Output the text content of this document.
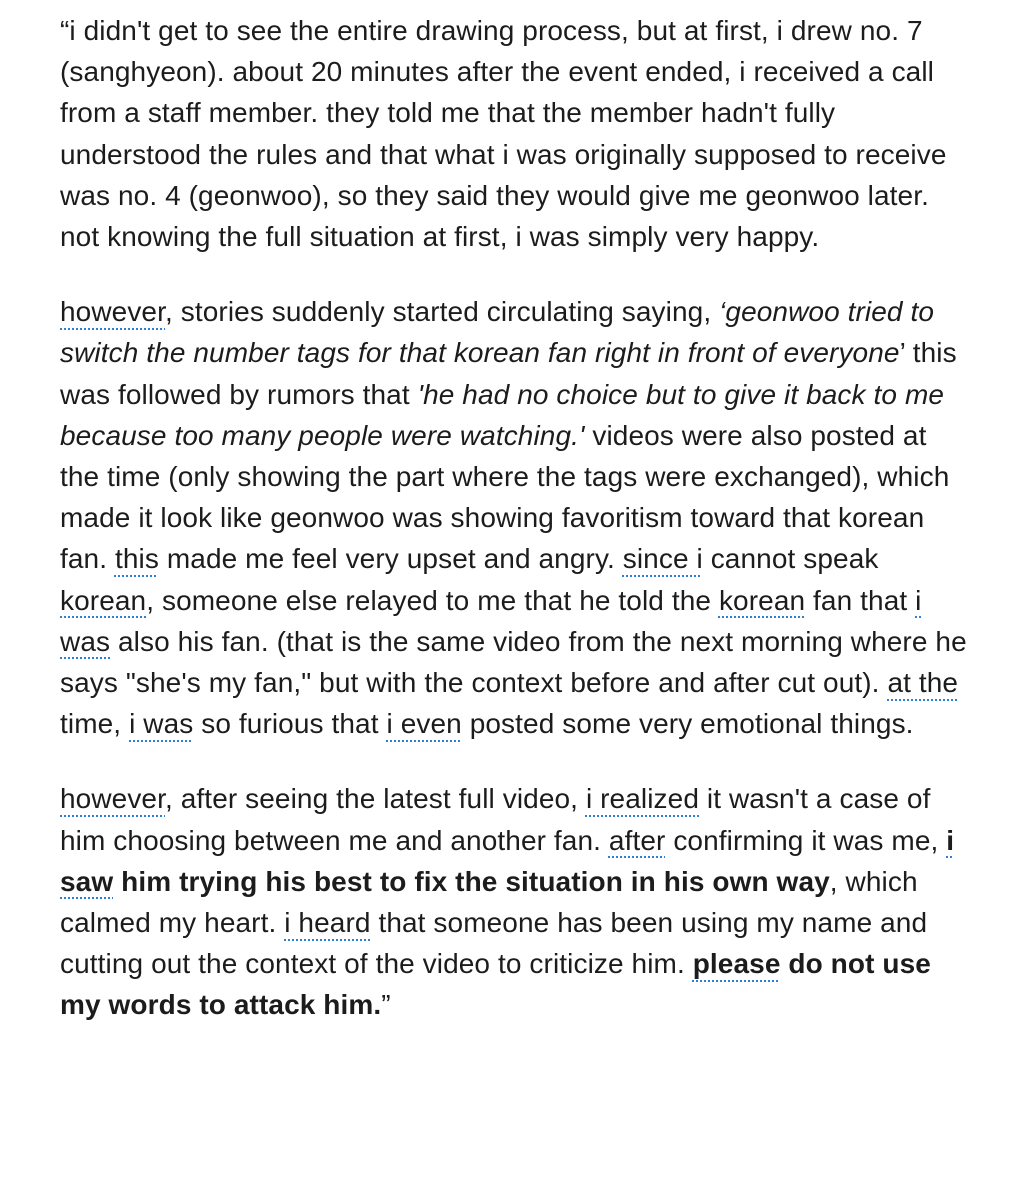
“i didn't get to see the entire drawing process, but at first, i drew no. 7 (sanghyeon). about 20 minutes after the event ended, i received a call from a staff member. they told me that the member hadn't fully understood the rules and that what i was originally supposed to receive was no. 4 (geonwoo), so they said they would give me geonwoo later. not knowing the full situation at first, i was simply very happy.

however, stories suddenly started circulating saying, ‘geonwoo tried to switch the number tags for that korean fan right in front of everyone’ this was followed by rumors that 'he had no choice but to give it back to me because too many people were watching.' videos were also posted at the time (only showing the part where the tags were exchanged), which made it look like geonwoo was showing favoritism toward that korean fan. this made me feel very upset and angry. since i cannot speak korean, someone else relayed to me that he told the korean fan that i was also his fan. (that is the same video from the next morning where he says "she's my fan," but with the context before and after cut out). at the time, i was so furious that i even posted some very emotional things.

however, after seeing the latest full video, i realized it wasn't a case of him choosing between me and another fan. after confirming it was me, i saw him trying his best to fix the situation in his own way, which calmed my heart. i heard that someone has been using my name and cutting out the context of the video to criticize him. please do not use my words to attack him.”
